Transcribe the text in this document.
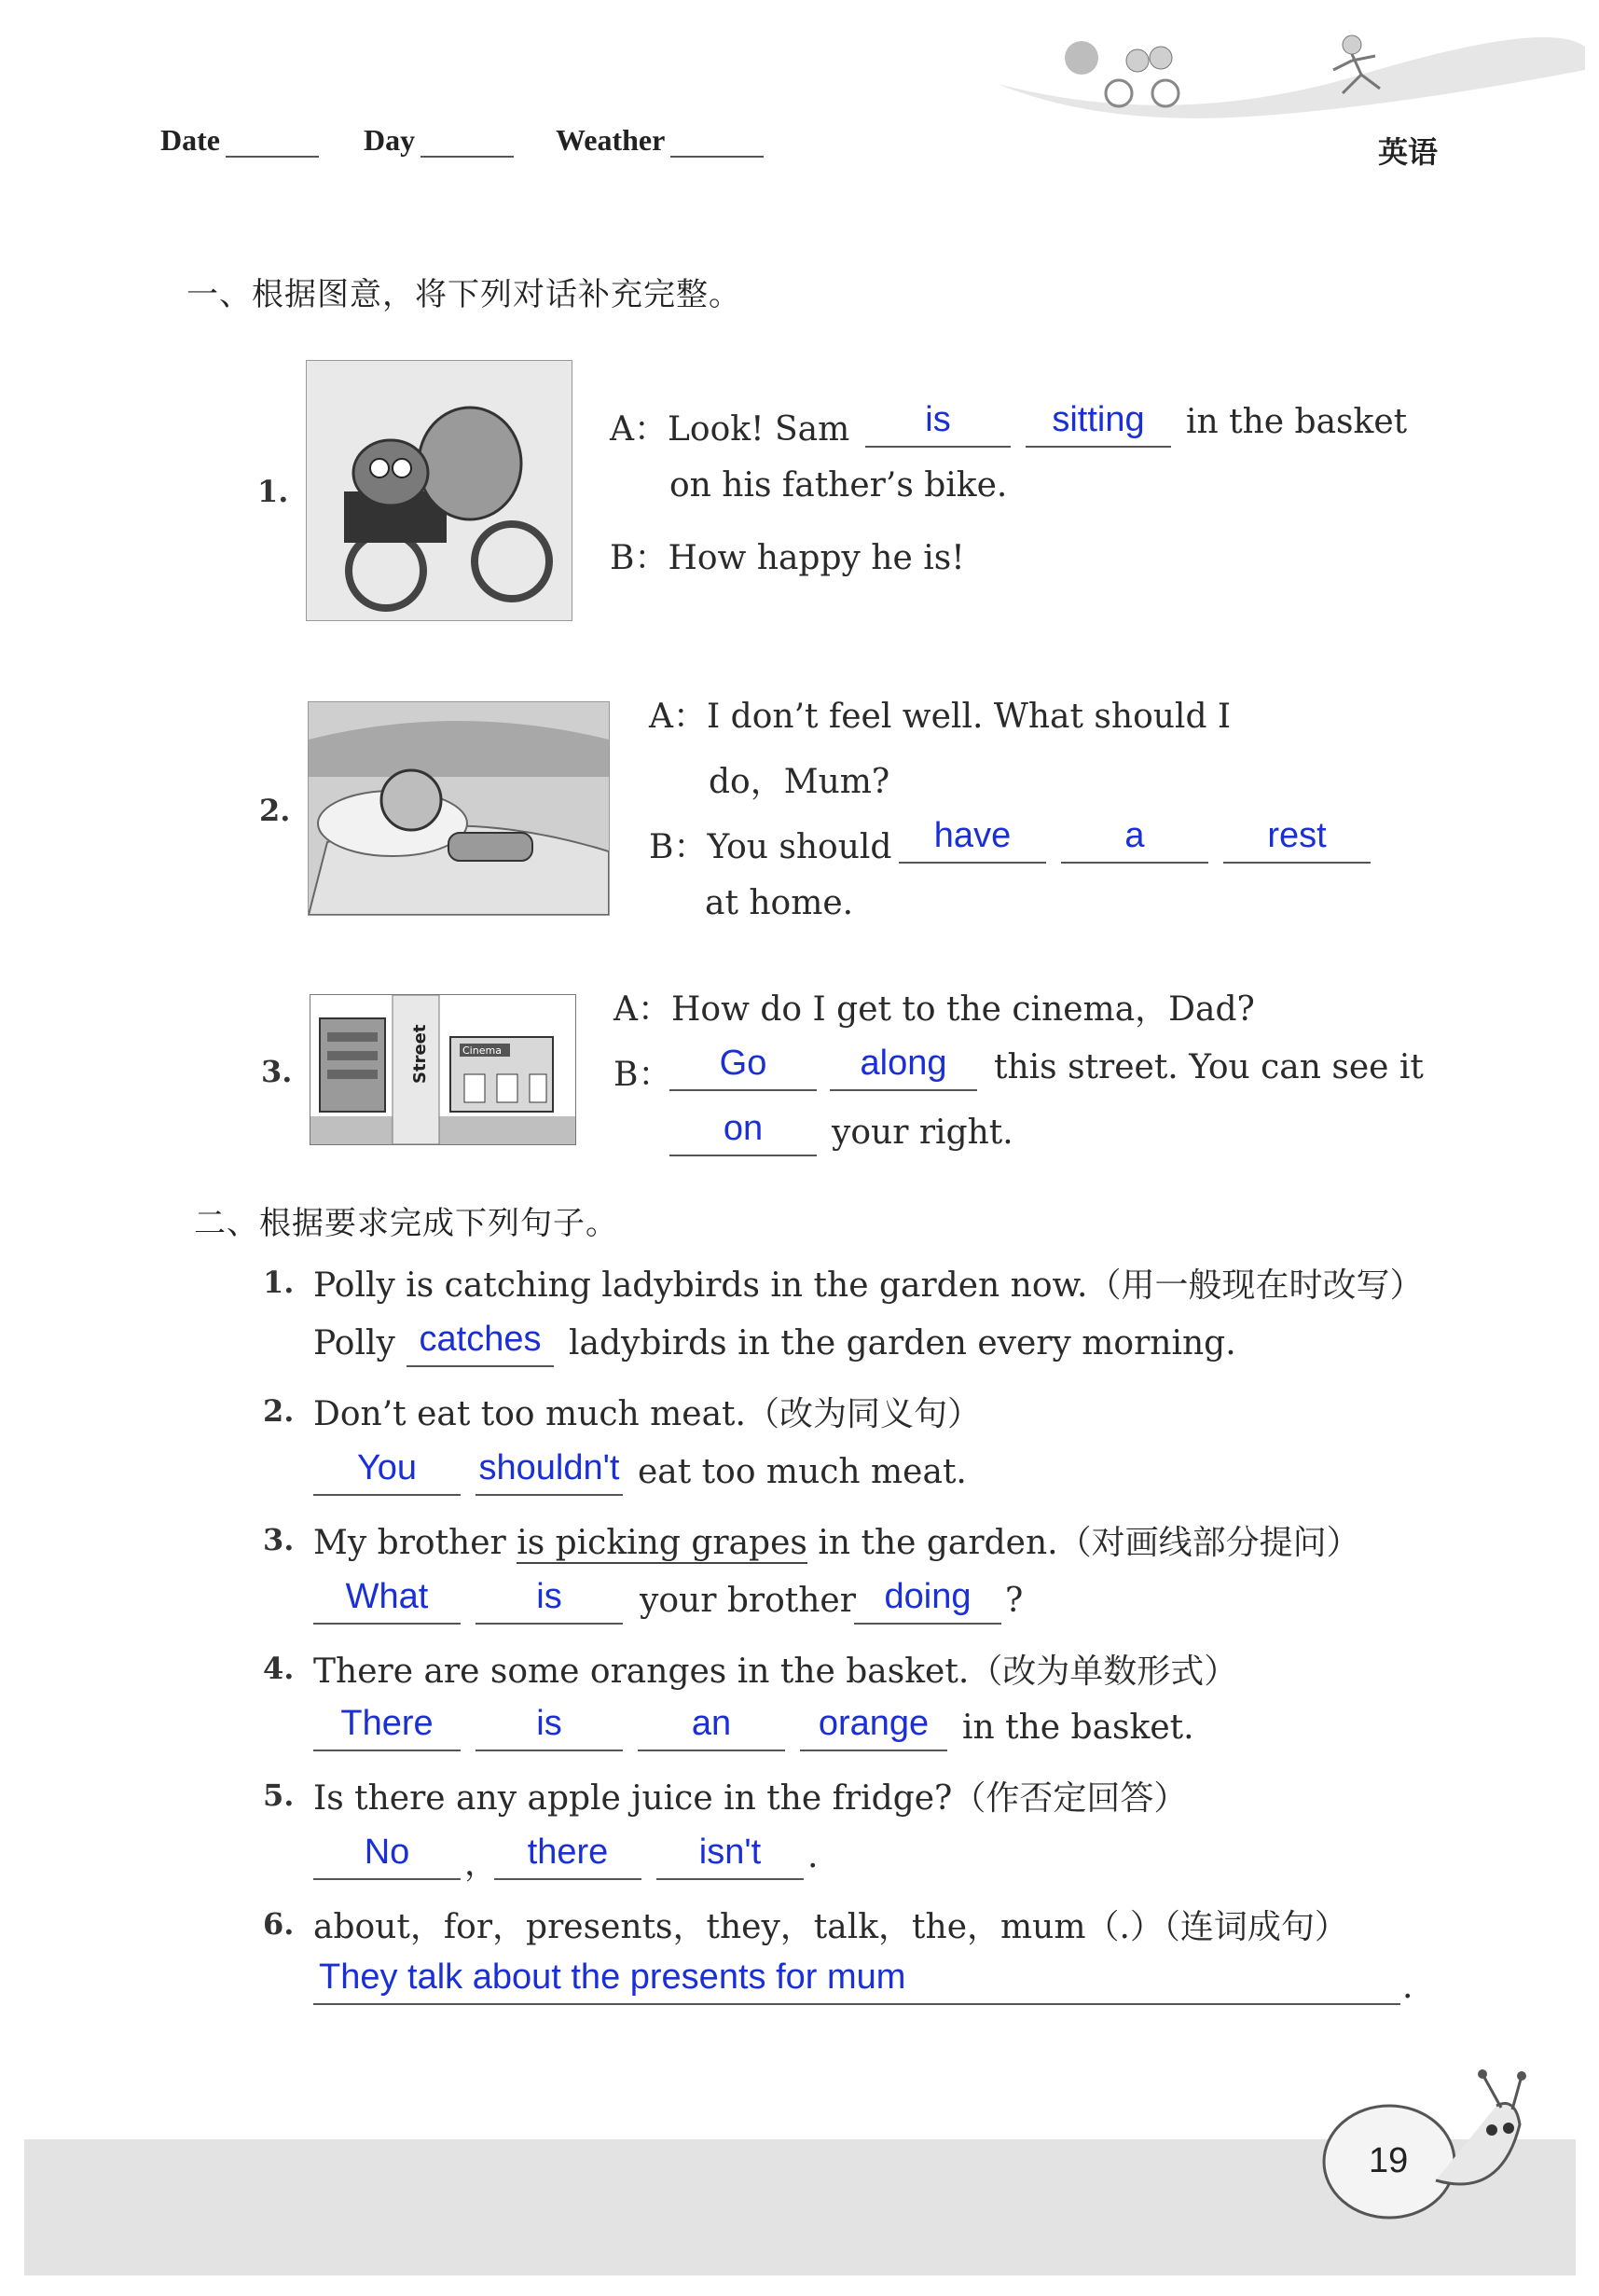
Date	Day	Weather	英语
一、根据图意，将下列对话补充完整。
1.
A：Look! Sam	is	sitting	in the basket
on his father’s bike.
B：How happy he is!
2.
A：I don’t feel well. What should I
do，Mum?
B：You should	have	a	rest
at home.
Street	Cinema
3.
A：How do I get to the cinema，Dad?
B：	Go	along	this street. You can see it
on	your right.
二、根据要求完成下列句子。
1. Polly is catching ladybirds in the garden now.（用一般现在时改写）
Polly catches ladybirds in the garden every morning.
2. Don’t eat too much meat.（改为同义句）
You	shouldn't eat too much meat.
3. My brother is picking grapes in the garden.（对画线部分提问）
What	is	your brother doing	?
4. There are some oranges in the basket.（改为单数形式）
There	is	an	orange in the basket.
5. Is there any apple juice in the fridge?（作否定回答）
No	， there	isn't	.
6. about，for，presents，they，talk，the，mum（.）（连词成句）
They talk about the presents for mum	.
19
